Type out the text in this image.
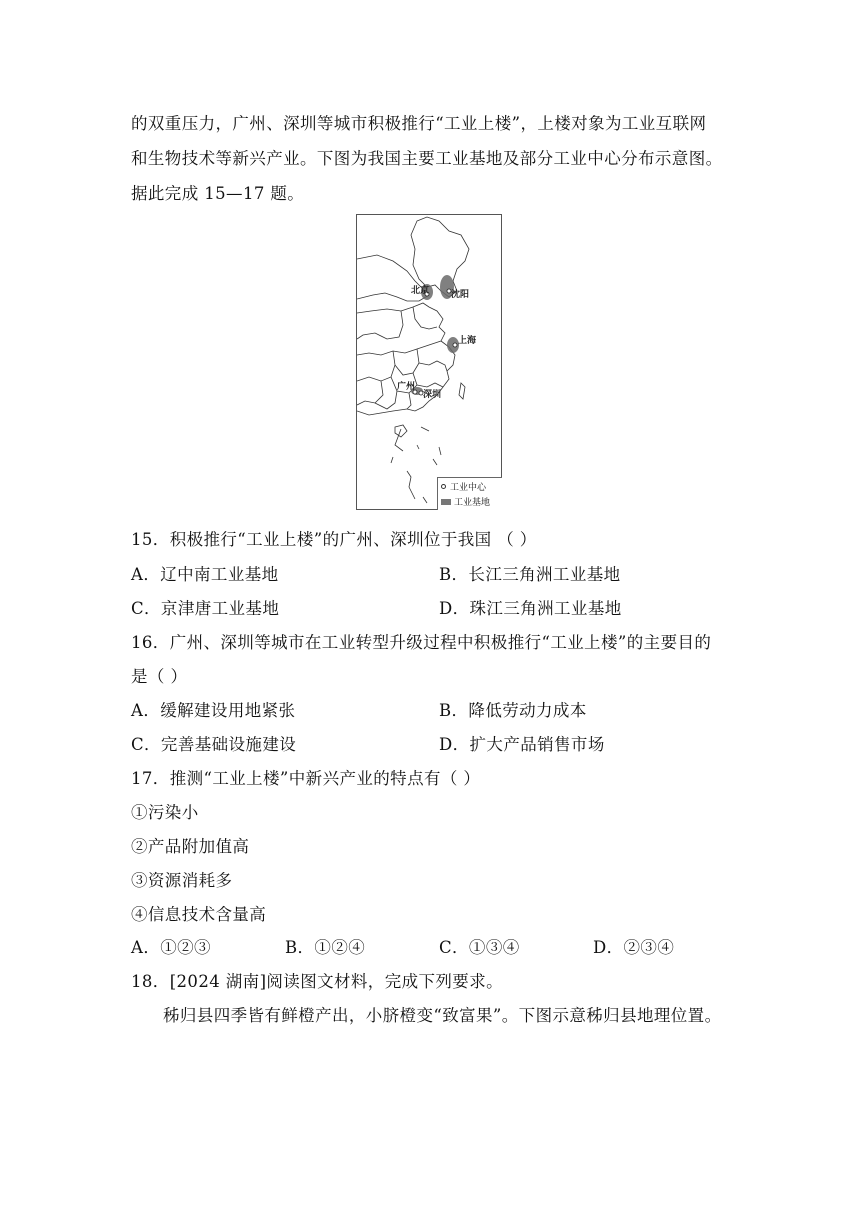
的双重压力，广州、深圳等城市积极推行“工业上楼”，上楼对象为工业互联网
和生物技术等新兴产业。下图为我国主要工业基地及部分工业中心分布示意图。
据此完成 15—17 题。
北京 沈阳
上海
广州
深圳
工业中心
工业基地
15．积极推行“工业上楼”的广州、深圳位于我国 （ ）
A．辽中南工业基地	B．长江三角洲工业基地
C．京津唐工业基地	D．珠江三角洲工业基地
16．广州、深圳等城市在工业转型升级过程中积极推行“工业上楼”的主要目的
是（ ）
A．缓解建设用地紧张	B．降低劳动力成本
C．完善基础设施建设	D．扩大产品销售市场
17．推测“工业上楼”中新兴产业的特点有（ ）
①污染小
②产品附加值高
③资源消耗多
④信息技术含量高
A．①②③	B．①②④	C．①③④	D．②③④
18．[2024 湖南]阅读图文材料，完成下列要求。
秭归县四季皆有鲜橙产出，小脐橙变“致富果”。下图示意秭归县地理位置。
